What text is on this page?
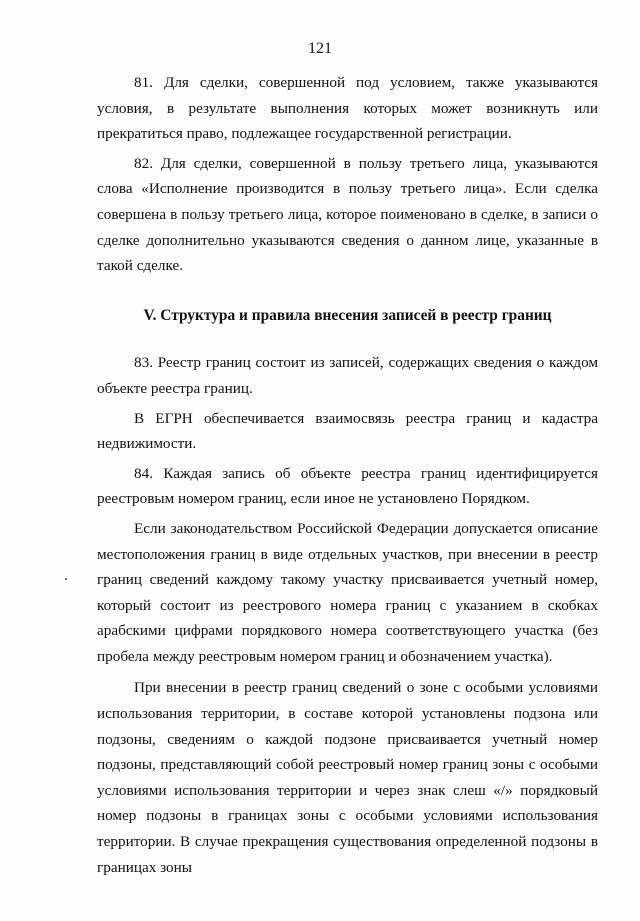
121

81. Для сделки, совершенной под условием, также указываются условия, в результате выполнения которых может возникнуть или прекратиться право, подлежащее государственной регистрации.

82. Для сделки, совершенной в пользу третьего лица, указываются слова «Исполнение производится в пользу третьего лица». Если сделка совершена в пользу третьего лица, которое поименовано в сделке, в записи о сделке дополнительно указываются сведения о данном лице, указанные в такой сделке.

V. Структура и правила внесения записей в реестр границ

83. Реестр границ состоит из записей, содержащих сведения о каждом объекте реестра границ.

В ЕГРН обеспечивается взаимосвязь реестра границ и кадастра недвижимости.

84. Каждая запись об объекте реестра границ идентифицируется реестровым номером границ, если иное не установлено Порядком.

Если законодательством Российской Федерации допускается описание местоположения границ в виде отдельных участков, при внесении в реестр границ сведений каждому такому участку присваивается учетный номер, который состоит из реестрового номера границ с указанием в скобках арабскими цифрами порядкового номера соответствующего участка (без пробела между реестровым номером границ и обозначением участка).

При внесении в реестр границ сведений о зоне с особыми условиями использования территории, в составе которой установлены подзона или подзоны, сведениям о каждой подзоне присваивается учетный номер подзоны, представляющий собой реестровый номер границ зоны с особыми условиями использования территории и через знак слеш «/» порядковый номер подзоны в границах зоны с особыми условиями использования территории. В случае прекращения существования определенной подзоны в границах зоны
